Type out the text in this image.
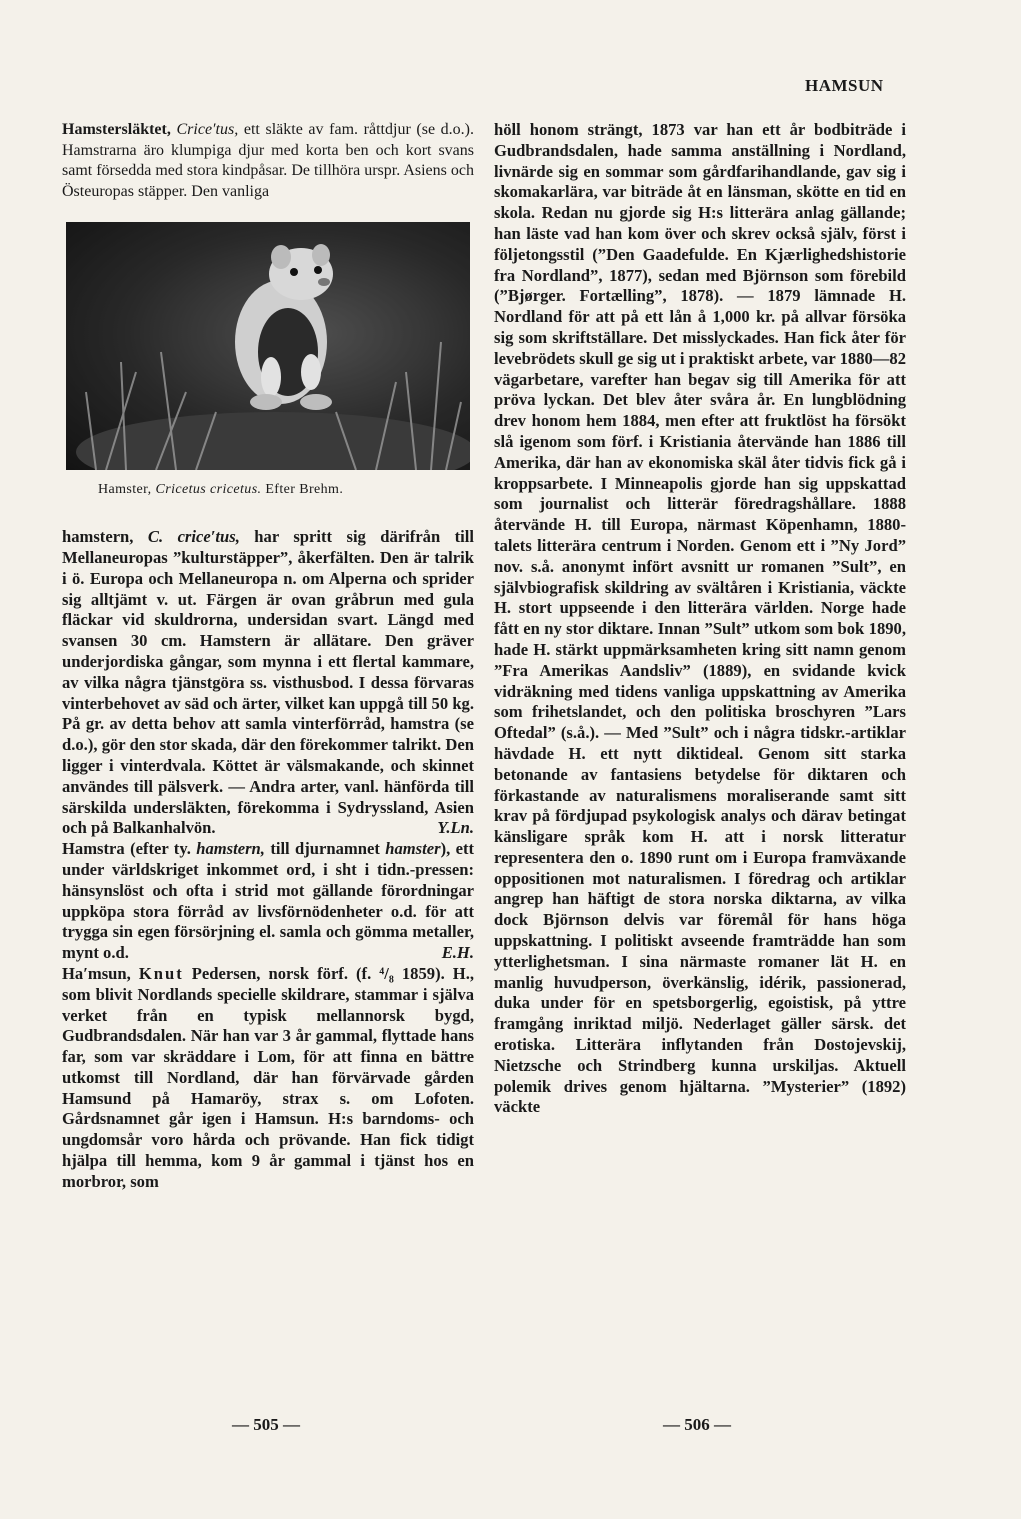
HAMSUN

Hamstersläktet, Crice′tus, ett släkte av fam. råttdjur (se d.o.). Hamstrarna äro klumpiga djur med korta ben och kort svans samt försedda med stora kindpåsar. De tillhöra urspr. Asiens och Östeuropas stäpper. Den vanliga

Hamster, Cricetus cricetus. Efter Brehm.

hamstern, C. crice′tus, har spritt sig därifrån till Mellaneuropas ”kulturstäpper”, åkerfälten. Den är talrik i ö. Europa och Mellaneuropa n. om Alperna och sprider sig alltjämt v. ut. Färgen är ovan gråbrun med gula fläckar vid skuldrorna, undersidan svart. Längd med svansen 30 cm. Hamstern är allätare. Den gräver underjordiska gångar, som mynna i ett flertal kammare, av vilka några tjänstgöra ss. visthusbod. I dessa förvaras vinterbehovet av säd och ärter, vilket kan uppgå till 50 kg. På gr. av detta behov att samla vinterförråd, hamstra (se d.o.), gör den stor skada, där den förekommer talrikt. Den ligger i vinterdvala. Köttet är välsmakande, och skinnet användes till pälsverk. — Andra arter, vanl. hänförda till särskilda undersläkten, förekomma i Sydryssland, Asien och på Balkanhalvön.	Y.Ln.

Hamstra (efter ty. hamstern, till djurnamnet hamster), ett under världskriget inkommet ord, i sht i tidn.-pressen: hänsynslöst och ofta i strid mot gällande förordningar uppköpa stora förråd av livsförnödenheter o.d. för att trygga sin egen försörjning el. samla och gömma metaller, mynt o.d.	E.H.

Ha′msun, Knut Pedersen, norsk förf. (f. ⁴/₈ 1859). H., som blivit Nordlands specielle skildrare, stammar i själva verket från en typisk mellannorsk bygd, Gudbrandsdalen. När han var 3 år gammal, flyttade hans far, som var skräddare i Lom, för att finna en bättre utkomst till Nordland, där han förvärvade gården Hamsund på Hamaröy, strax s. om Lofoten. Gårdsnamnet går igen i Hamsun. H:s barndoms- och ungdomsår voro hårda och prövande. Han fick tidigt hjälpa till hemma, kom 9 år gammal i tjänst hos en morbror, som

höll honom strängt, 1873 var han ett år bodbiträde i Gudbrandsdalen, hade samma anställning i Nordland, livnärde sig en sommar som gårdfarihandlande, gav sig i skomakarlära, var biträde åt en länsman, skötte en tid en skola. Redan nu gjorde sig H:s litterära anlag gällande; han läste vad han kom över och skrev också själv, först i följetongsstil (”Den Gaadefulde. En Kjærlighedshistorie fra Nordland”, 1877), sedan med Björnson som förebild (”Bjørger. Fortælling”, 1878). — 1879 lämnade H. Nordland för att på ett lån å 1,000 kr. på allvar försöka sig som skriftställare. Det misslyckades. Han fick åter för levebrödets skull ge sig ut i praktiskt arbete, var 1880—82 vägarbetare, varefter han begav sig till Amerika för att pröva lyckan. Det blev åter svåra år. En lungblödning drev honom hem 1884, men efter att fruktlöst ha försökt slå igenom som förf. i Kristiania återvände han 1886 till Amerika, där han av ekonomiska skäl åter tidvis fick gå i kroppsarbete. I Minneapolis gjorde han sig uppskattad som journalist och litterär föredragshållare. 1888 återvände H. till Europa, närmast Köpenhamn, 1880-talets litterära centrum i Norden. Genom ett i ”Ny Jord” nov. s.å. anonymt infört avsnitt ur romanen ”Sult”, en självbiografisk skildring av svältåren i Kristiania, väckte H. stort uppseende i den litterära världen. Norge hade fått en ny stor diktare. Innan ”Sult” utkom som bok 1890, hade H. stärkt uppmärksamheten kring sitt namn genom ”Fra Amerikas Aandsliv” (1889), en svidande kvick vidräkning med tidens vanliga uppskattning av Amerika som frihetslandet, och den politiska broschyren ”Lars Oftedal” (s.å.). — Med ”Sult” och i några tidskr.-artiklar hävdade H. ett nytt diktideal. Genom sitt starka betonande av fantasiens betydelse för diktaren och förkastande av naturalismens moraliserande samt sitt krav på fördjupad psykologisk analys och därav betingat känsligare språk kom H. att i norsk litteratur representera den o. 1890 runt om i Europa framväxande oppositionen mot naturalismen. I föredrag och artiklar angrep han häftigt de stora norska diktarna, av vilka dock Björnson delvis var föremål för hans höga uppskattning. I politiskt avseende framträdde han som ytterlighetsman. I sina närmaste romaner lät H. en manlig huvudperson, överkänslig, idérik, passionerad, duka under för en spetsborgerlig, egoistisk, på yttre framgång inriktad miljö. Nederlaget gäller särsk. det erotiska. Litterära inflytanden från Dostojevskij, Nietzsche och Strindberg kunna urskiljas. Aktuell polemik drives genom hjältarna. ”Mysterier” (1892) väckte

— 505 —	— 506 —
